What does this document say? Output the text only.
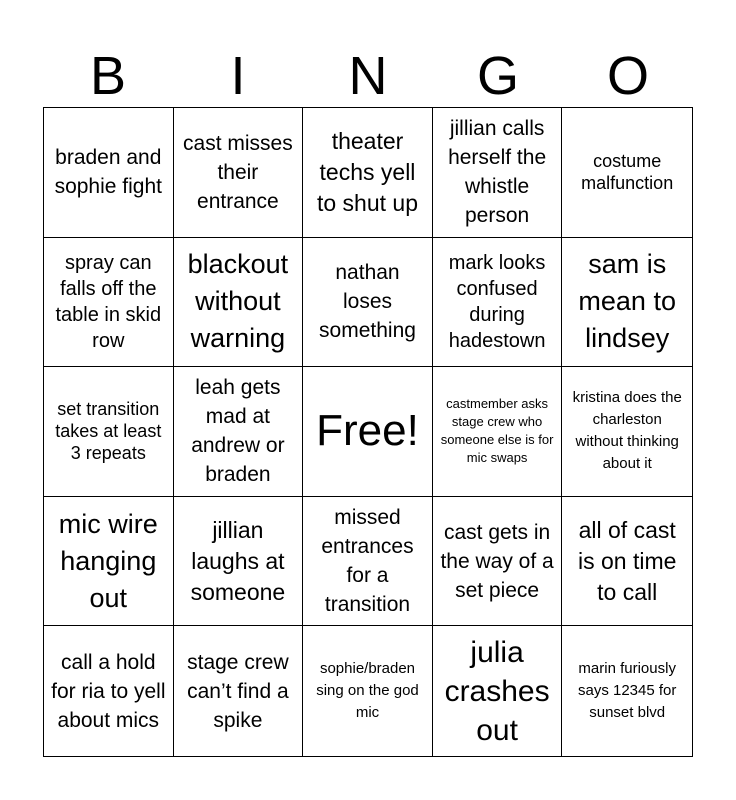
B	I	N	G	O
braden and sophie fight
cast misses their entrance
theater techs yell to shut up
jillian calls herself the whistle person
costume malfunction
spray can falls off the table in skid row
blackout without warning
nathan loses something
mark looks confused during hadestown
sam is mean to lindsey
set transition takes at least 3 repeats
leah gets mad at andrew or braden
Free!
castmember asks stage crew who someone else is for mic swaps
kristina does the charleston without thinking about it
mic wire hanging out
jillian laughs at someone
missed entrances for a transition
cast gets in the way of a set piece
all of cast is on time to call
call a hold for ria to yell about mics
stage crew can’t find a spike
sophie/braden sing on the god mic
julia crashes out
marin furiously says 12345 for sunset blvd
